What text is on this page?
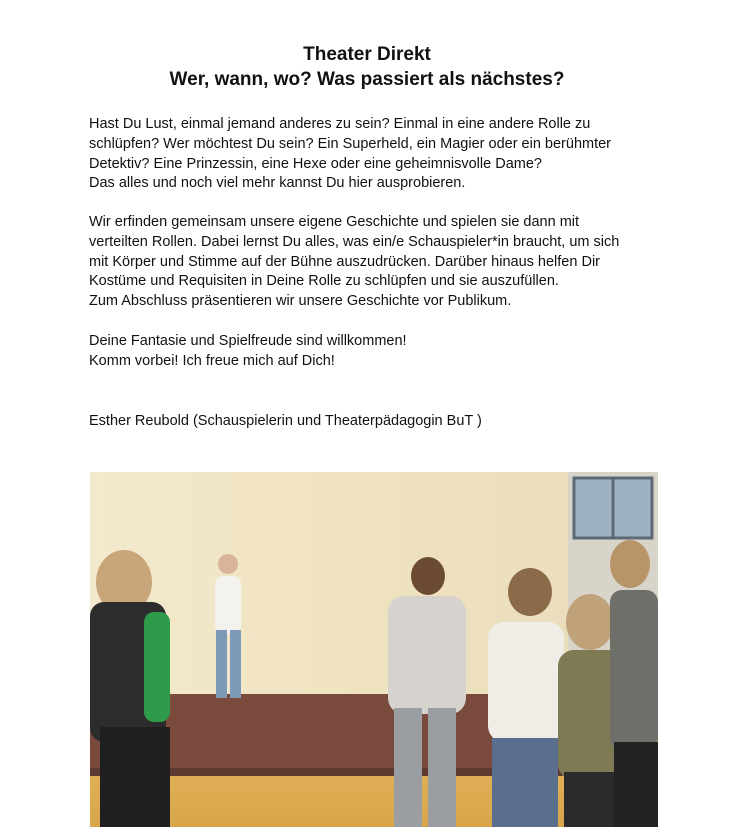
Theater Direkt
Wer, wann, wo? Was passiert als nächstes?
Hast Du Lust, einmal jemand anderes zu sein? Einmal in eine andere Rolle zu
schlüpfen? Wer möchtest Du sein? Ein Superheld, ein Magier oder ein berühmter
Detektiv? Eine Prinzessin, eine Hexe oder eine geheimnisvolle Dame?
Das alles und noch viel mehr kannst Du hier ausprobieren.
Wir erfinden gemeinsam unsere eigene Geschichte und spielen sie dann mit
verteilten Rollen. Dabei lernst Du alles, was ein/e Schauspieler*in braucht, um sich
mit Körper und Stimme auf der Bühne auszudrücken. Darüber hinaus helfen Dir
Kostüme und Requisiten in Deine Rolle zu schlüpfen und sie auszufüllen.
Zum Abschluss präsentieren wir unsere Geschichte vor Publikum.
Deine Fantasie und Spielfreude sind willkommen!
Komm vorbei! Ich freue mich auf Dich!
Esther Reubold (Schauspielerin und Theaterpädagogin BuT )
